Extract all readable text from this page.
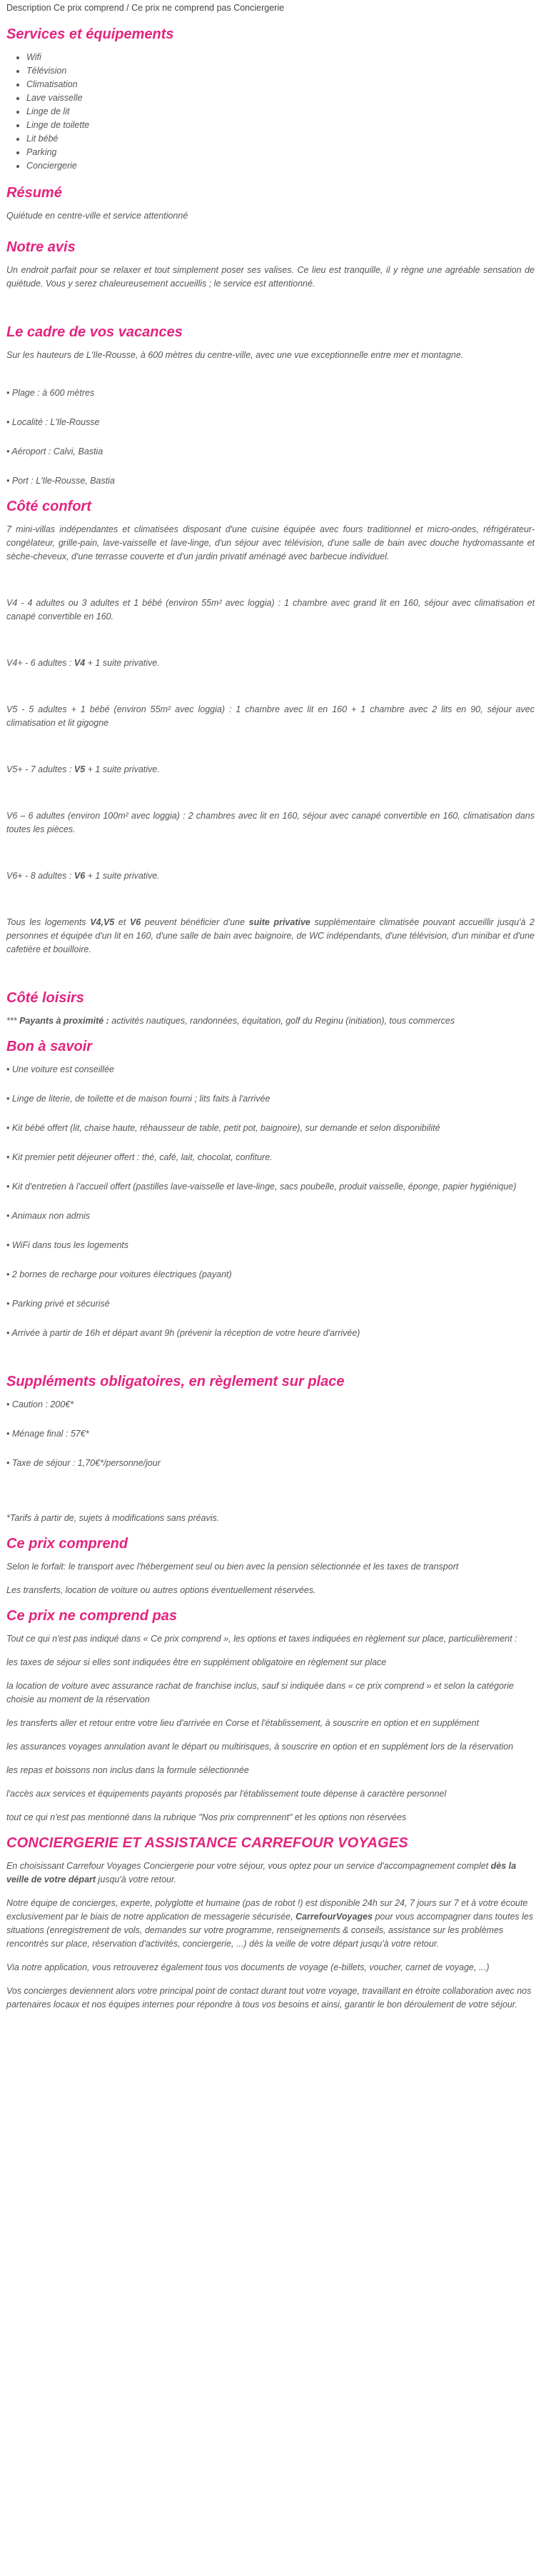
Description Ce prix comprend / Ce prix ne comprend pas Conciergerie
Services et équipements
• Wifi
• Télévision
• Climatisation
• Lave vaisselle
• Linge de lit
• Linge de toilette
• Lit bébé
• Parking
• Conciergerie
Résumé

Quiétude en centre-ville et service attentionné

Notre avis

Un endroit parfait pour se relaxer et tout simplement poser ses valises. Ce lieu est tranquille, il y règne une agréable sensation de quiétude. Vous y serez chaleureusement accueillis ; le service est attentionné.

Le cadre de vos vacances

Sur les hauteurs de L'Ile-Rousse, à 600 mètres du centre-ville, avec une vue exceptionnelle entre mer et montagne.

• Plage : à 600 mètres

• Localité : L'Ile-Rousse

• Aéroport : Calvi, Bastia

• Port : L'Ile-Rousse, Bastia

Côté confort

7 mini-villas indépendantes et climatisées disposant d'une cuisine équipée avec fours traditionnel et micro-ondes, réfrigérateur-congélateur, grille-pain, lave-vaisselle et lave-linge, d'un séjour avec télévision, d'une salle de bain avec douche hydromassante et sèche-cheveux, d'une terrasse couverte et d'un jardin privatif aménagé avec barbecue individuel.

V4 - 4 adultes ou 3 adultes et 1 bébé (environ 55m² avec loggia) : 1 chambre avec grand lit en 160, séjour avec climatisation et canapé convertible en 160.

V4+ - 6 adultes : V4 + 1 suite privative.

V5 - 5 adultes + 1 bébé (environ 55m² avec loggia) : 1 chambre avec lit en 160 + 1 chambre avec 2 lits en 90, séjour avec climatisation et lit gigogne

V5+ - 7 adultes : V5 + 1 suite privative.

V6 – 6 adultes (environ 100m² avec loggia) : 2 chambres avec lit en 160, séjour avec canapé convertible en 160, climatisation dans toutes les pièces.

V6+ - 8 adultes : V6 + 1 suite privative.

Tous les logements V4,V5 et V6 peuvent bénéficier d'une suite privative supplémentaire climatisée pouvant accueillir jusqu'à 2 personnes et équipée d'un lit en 160, d'une salle de bain avec baignoire, de WC indépendants, d'une télévision, d'un minibar et d'une cafetière et bouilloire.

Côté loisirs

*** Payants à proximité : activités nautiques, randonnées, équitation, golf du Reginu (initiation), tous commerces

Bon à savoir

• Une voiture est conseillée

• Linge de literie, de toilette et de maison fourni ; lits faits à l'arrivée

• Kit bébé offert (lit, chaise haute, réhausseur de table, petit pot, baignoire), sur demande et selon disponibilité

• Kit premier petit déjeuner offert : thé, café, lait, chocolat, confiture.

• Kit d'entretien à l'accueil offert (pastilles lave-vaisselle et lave-linge, sacs poubelle, produit vaisselle, éponge, papier hygiénique)

• Animaux non admis

• WiFi dans tous les logements

• 2 bornes de recharge pour voitures électriques (payant)

• Parking privé et sécurisé

• Arrivée à partir de 16h et départ avant 9h (prévenir la réception de votre heure d'arrivée)

Suppléments obligatoires, en règlement sur place

• Caution : 200€*

• Ménage final : 57€*

• Taxe de séjour : 1,70€*/personne/jour

*Tarifs à partir de, sujets à modifications sans préavis.

Ce prix comprend

Selon le forfait: le transport avec l'hébergement seul ou bien avec la pension sélectionnée et les taxes de transport

Les transferts, location de voiture ou autres options éventuellement réservées.

Ce prix ne comprend pas

Tout ce qui n'est pas indiqué dans « Ce prix comprend », les options et taxes indiquées en règlement sur place, particulièrement :

les taxes de séjour si elles sont indiquées être en supplément obligatoire en règlement sur place

la location de voiture avec assurance rachat de franchise inclus, sauf si indiquée dans « ce prix comprend » et selon la catégorie choisie au moment de la réservation

les transferts aller et retour entre votre lieu d'arrivée en Corse et l'établissement, à souscrire en option et en supplément

les assurances voyages annulation avant le départ ou multirisques, à souscrire en option et en supplément lors de la réservation

les repas et boissons non inclus dans la formule sélectionnée

l'accès aux services et équipements payants proposés par l'établissement toute dépense à caractère personnel

tout ce qui n'est pas mentionné dans la rubrique "Nos prix comprennent" et les options non réservées

CONCIERGERIE ET ASSISTANCE CARREFOUR VOYAGES

En choisissant Carrefour Voyages Conciergerie pour votre séjour, vous optez pour un service d'accompagnement complet dès la veille de votre départ jusqu'à votre retour.

Notre équipe de concierges, experte, polyglotte et humaine (pas de robot !) est disponible 24h sur 24, 7 jours sur 7 et à votre écoute exclusivement par le biais de notre application de messagerie sécurisée, CarrefourVoyages pour vous accompagner dans toutes les situations (enregistrement de vols, demandes sur votre programme, renseignements & conseils, assistance sur les problèmes rencontrés sur place, réservation d'activités, conciergerie, ...) dès la veille de votre départ jusqu'à votre retour.

Via notre application, vous retrouverez également tous vos documents de voyage (e-billets, voucher, carnet de voyage, ...)

Vos concierges deviennent alors votre principal point de contact durant tout votre voyage, travaillant en étroite collaboration avec nos partenaires locaux et nos équipes internes pour répondre à tous vos besoins et ainsi, garantir le bon déroulement de votre séjour.
